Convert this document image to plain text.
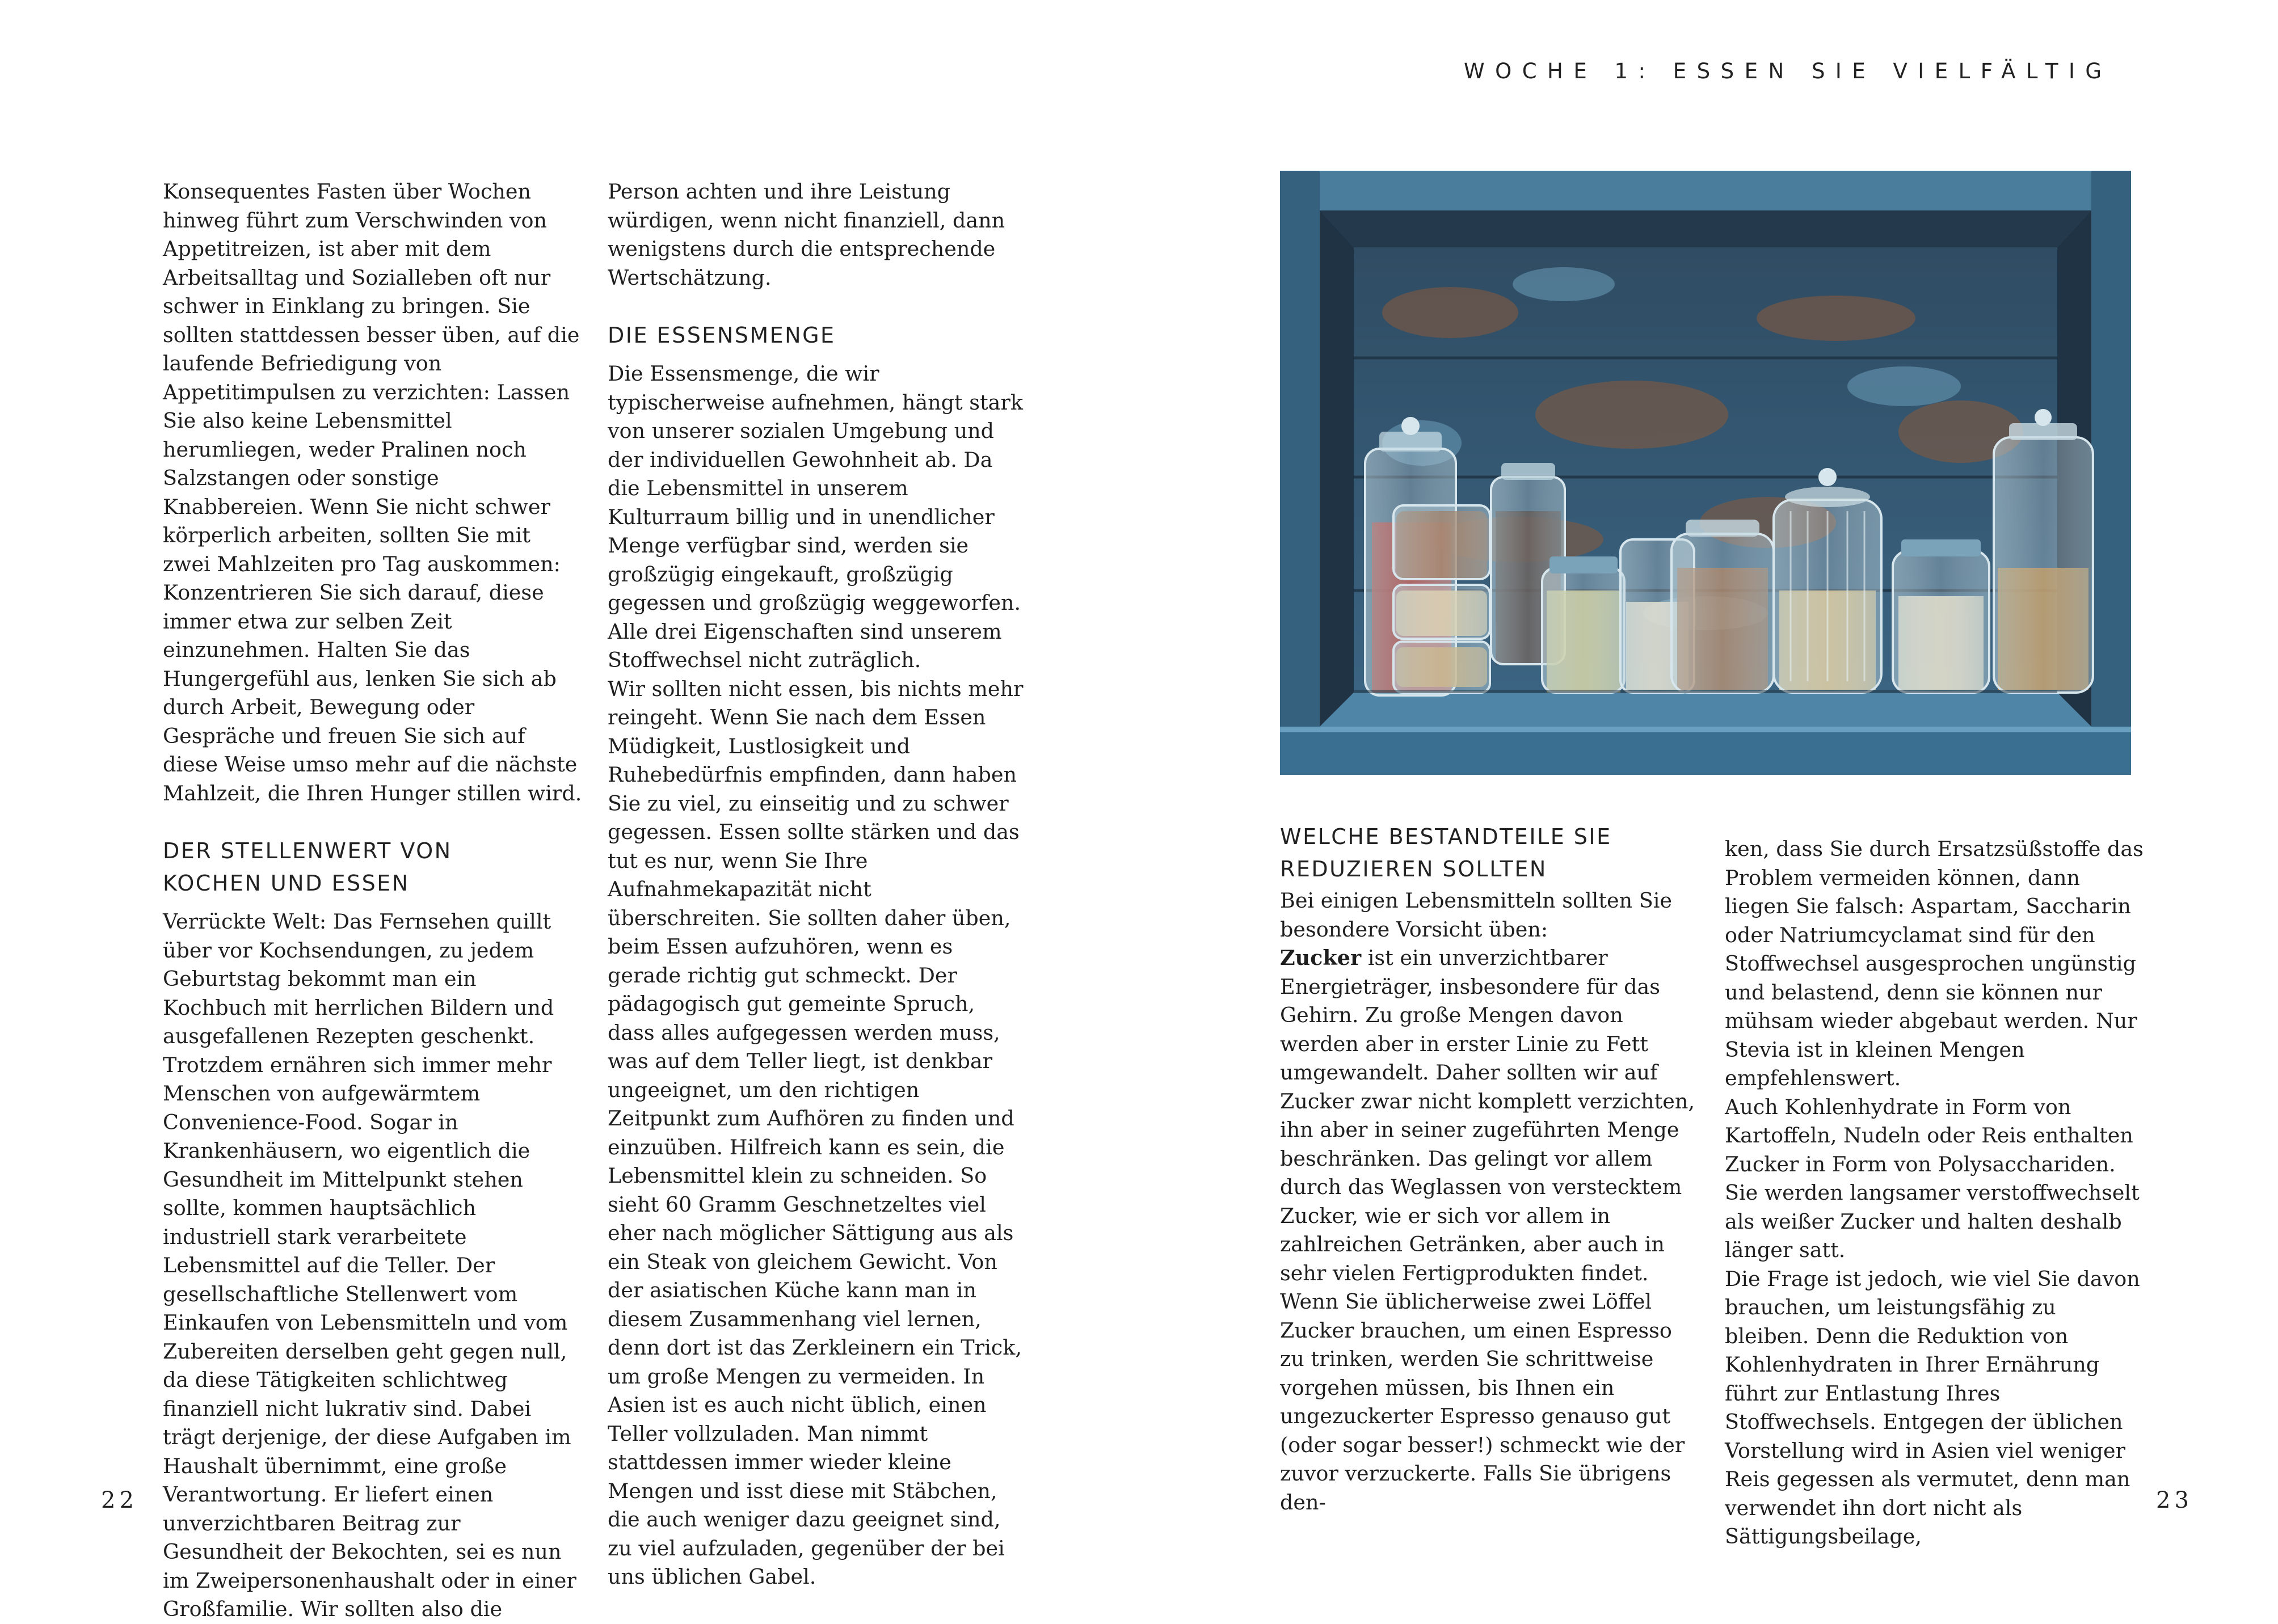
WOCHE 1: ESSEN SIE VIELFÄLTIG

Konsequentes Fasten über Wochen hinweg führt zum Verschwinden von Appetitreizen, ist aber mit dem Arbeitsalltag und Sozialleben oft nur schwer in Einklang zu bringen. Sie sollten stattdessen besser üben, auf die laufende Befriedigung von Appetitimpulsen zu verzichten: Lassen Sie also keine Lebensmittel herumliegen, weder Pralinen noch Salzstangen oder sonstige Knabbereien. Wenn Sie nicht schwer körperlich arbeiten, sollten Sie mit zwei Mahlzeiten pro Tag auskommen: Konzentrieren Sie sich darauf, diese immer etwa zur selben Zeit einzunehmen. Halten Sie das Hungergefühl aus, lenken Sie sich ab durch Arbeit, Bewegung oder Gespräche und freuen Sie sich auf diese Weise umso mehr auf die nächste Mahlzeit, die Ihren Hunger stillen wird.

DER STELLENWERT VON
KOCHEN UND ESSEN

Verrückte Welt: Das Fernsehen quillt über vor Kochsendungen, zu jedem Geburtstag bekommt man ein Kochbuch mit herrlichen Bildern und ausgefallenen Rezepten geschenkt. Trotzdem ernähren sich immer mehr Menschen von aufgewärmtem Convenience-Food. Sogar in Krankenhäusern, wo eigentlich die Gesundheit im Mittelpunkt stehen sollte, kommen hauptsächlich industriell stark verarbeitete Lebensmittel auf die Teller. Der gesellschaftliche Stellenwert vom Einkaufen von Lebensmitteln und vom Zubereiten derselben geht gegen null, da diese Tätigkeiten schlichtweg finanziell nicht lukrativ sind. Dabei trägt derjenige, der diese Aufgaben im Haushalt übernimmt, eine große Verantwortung. Er liefert einen unverzichtbaren Beitrag zur Gesundheit der Bekochten, sei es nun im Zweipersonenhaushalt oder in einer Großfamilie. Wir sollten also die

Person achten und ihre Leistung würdigen, wenn nicht finanziell, dann wenigstens durch die entsprechende Wertschätzung.

DIE ESSENSMENGE

Die Essensmenge, die wir typischerweise aufnehmen, hängt stark von unserer sozialen Umgebung und der individuellen Gewohnheit ab. Da die Lebensmittel in unserem Kulturraum billig und in unendlicher Menge verfügbar sind, werden sie großzügig eingekauft, großzügig gegessen und großzügig weggeworfen. Alle drei Eigenschaften sind unserem Stoffwechsel nicht zuträglich.

Wir sollten nicht essen, bis nichts mehr reingeht. Wenn Sie nach dem Essen Müdigkeit, Lustlosigkeit und Ruhebedürfnis empfinden, dann haben Sie zu viel, zu einseitig und zu schwer gegessen. Essen sollte stärken und das tut es nur, wenn Sie Ihre Aufnahmekapazität nicht überschreiten. Sie sollten daher üben, beim Essen aufzuhören, wenn es gerade richtig gut schmeckt. Der pädagogisch gut gemeinte Spruch, dass alles aufgegessen werden muss, was auf dem Teller liegt, ist denkbar ungeeignet, um den richtigen Zeitpunkt zum Aufhören zu finden und einzuüben. Hilfreich kann es sein, die Lebensmittel klein zu schneiden. So sieht 60 Gramm Geschnetzeltes viel eher nach möglicher Sättigung aus als ein Steak von gleichem Gewicht. Von der asiatischen Küche kann man in diesem Zusammenhang viel lernen, denn dort ist das Zerkleinern ein Trick, um große Mengen zu vermeiden. In Asien ist es auch nicht üblich, einen Teller vollzuladen. Man nimmt stattdessen immer wieder kleine Mengen und isst diese mit Stäbchen, die auch weniger dazu geeignet sind, zu viel aufzuladen, gegenüber der bei uns üblichen Gabel.

WELCHE BESTANDTEILE SIE
REDUZIEREN SOLLTEN

Bei einigen Lebensmitteln sollten Sie besondere Vorsicht üben:

Zucker ist ein unverzichtbarer Energieträger, insbesondere für das Gehirn. Zu große Mengen davon werden aber in erster Linie zu Fett umgewandelt. Daher sollten wir auf Zucker zwar nicht komplett verzichten, ihn aber in seiner zugeführten Menge beschränken. Das gelingt vor allem durch das Weglassen von verstecktem Zucker, wie er sich vor allem in zahlreichen Getränken, aber auch in sehr vielen Fertigprodukten findet. Wenn Sie üblicherweise zwei Löffel Zucker brauchen, um einen Espresso zu trinken, werden Sie schrittweise vorgehen müssen, bis Ihnen ein ungezuckerter Espresso genauso gut (oder sogar besser!) schmeckt wie der zuvor verzuckerte. Falls Sie übrigens den-

ken, dass Sie durch Ersatzsüßstoffe das Problem vermeiden können, dann liegen Sie falsch: Aspartam, Saccharin oder Natriumcyclamat sind für den Stoffwechsel ausgesprochen ungünstig und belastend, denn sie können nur mühsam wieder abgebaut werden. Nur Stevia ist in kleinen Mengen empfehlenswert.

Auch Kohlenhydrate in Form von Kartoffeln, Nudeln oder Reis enthalten Zucker in Form von Polysacchariden. Sie werden langsamer verstoffwechselt als weißer Zucker und halten deshalb länger satt.

Die Frage ist jedoch, wie viel Sie davon brauchen, um leistungsfähig zu bleiben. Denn die Reduktion von Kohlenhydraten in Ihrer Ernährung führt zur Entlastung Ihres Stoffwechsels. Entgegen der üblichen Vorstellung wird in Asien viel weniger Reis gegessen als vermutet, denn man verwendet ihn dort nicht als Sättigungsbeilage,

22	23
